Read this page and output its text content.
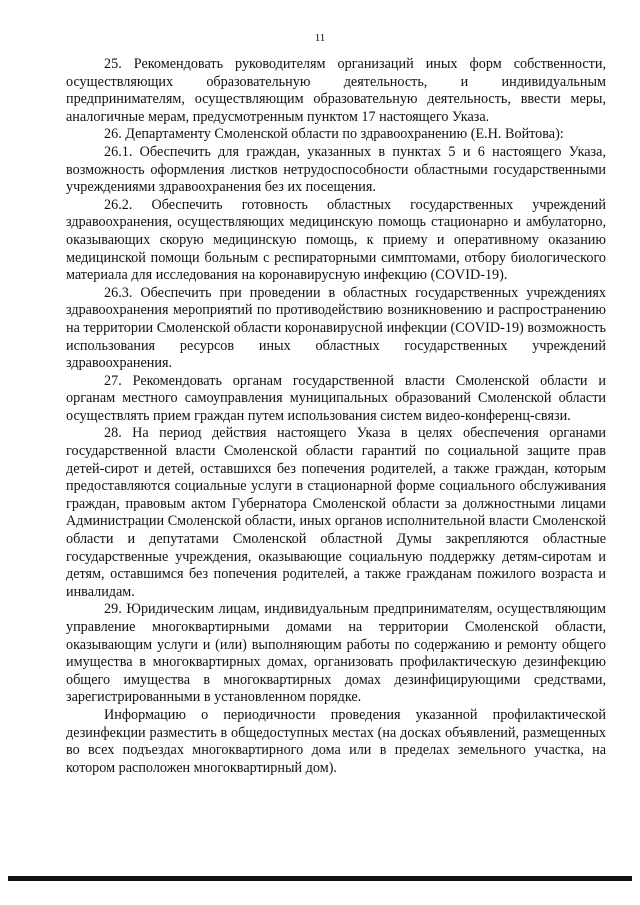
11

25. Рекомендовать руководителям организаций иных форм собственности, осуществляющих образовательную деятельность, и индивидуальным предпринимателям, осуществляющим образовательную деятельность, ввести меры, аналогичные мерам, предусмотренным пунктом 17 настоящего Указа.

26. Департаменту Смоленской области по здравоохранению (Е.Н. Войтова):

26.1. Обеспечить для граждан, указанных в пунктах 5 и 6 настоящего Указа, возможность оформления листков нетрудоспособности областными государственными учреждениями здравоохранения без их посещения.

26.2. Обеспечить готовность областных государственных учреждений здравоохранения, осуществляющих медицинскую помощь стационарно и амбулаторно, оказывающих скорую медицинскую помощь, к приему и оперативному оказанию медицинской помощи больным с респираторными симптомами, отбору биологического материала для исследования на коронавирусную инфекцию (COVID-19).

26.3. Обеспечить при проведении в областных государственных учреждениях здравоохранения мероприятий по противодействию возникновению и распространению на территории Смоленской области коронавирусной инфекции (COVID-19) возможность использования ресурсов иных областных государственных учреждений здравоохранения.

27. Рекомендовать органам государственной власти Смоленской области и органам местного самоуправления муниципальных образований Смоленской области осуществлять прием граждан путем использования систем видео-конференц-связи.

28. На период действия настоящего Указа в целях обеспечения органами государственной власти Смоленской области гарантий по социальной защите прав детей-сирот и детей, оставшихся без попечения родителей, а также граждан, которым предоставляются социальные услуги в стационарной форме социального обслуживания граждан, правовым актом Губернатора Смоленской области за должностными лицами Администрации Смоленской области, иных органов исполнительной власти Смоленской области и депутатами Смоленской областной Думы закрепляются областные государственные учреждения, оказывающие социальную поддержку детям-сиротам и детям, оставшимся без попечения родителей, а также гражданам пожилого возраста и инвалидам.

29. Юридическим лицам, индивидуальным предпринимателям, осуществляющим управление многоквартирными домами на территории Смоленской области, оказывающим услуги и (или) выполняющим работы по содержанию и ремонту общего имущества в многоквартирных домах, организовать профилактическую дезинфекцию общего имущества в многоквартирных домах дезинфицирующими средствами, зарегистрированными в установленном порядке.

Информацию о периодичности проведения указанной профилактической дезинфекции разместить в общедоступных местах (на досках объявлений, размещенных во всех подъездах многоквартирного дома или в пределах земельного участка, на котором расположен многоквартирный дом).
